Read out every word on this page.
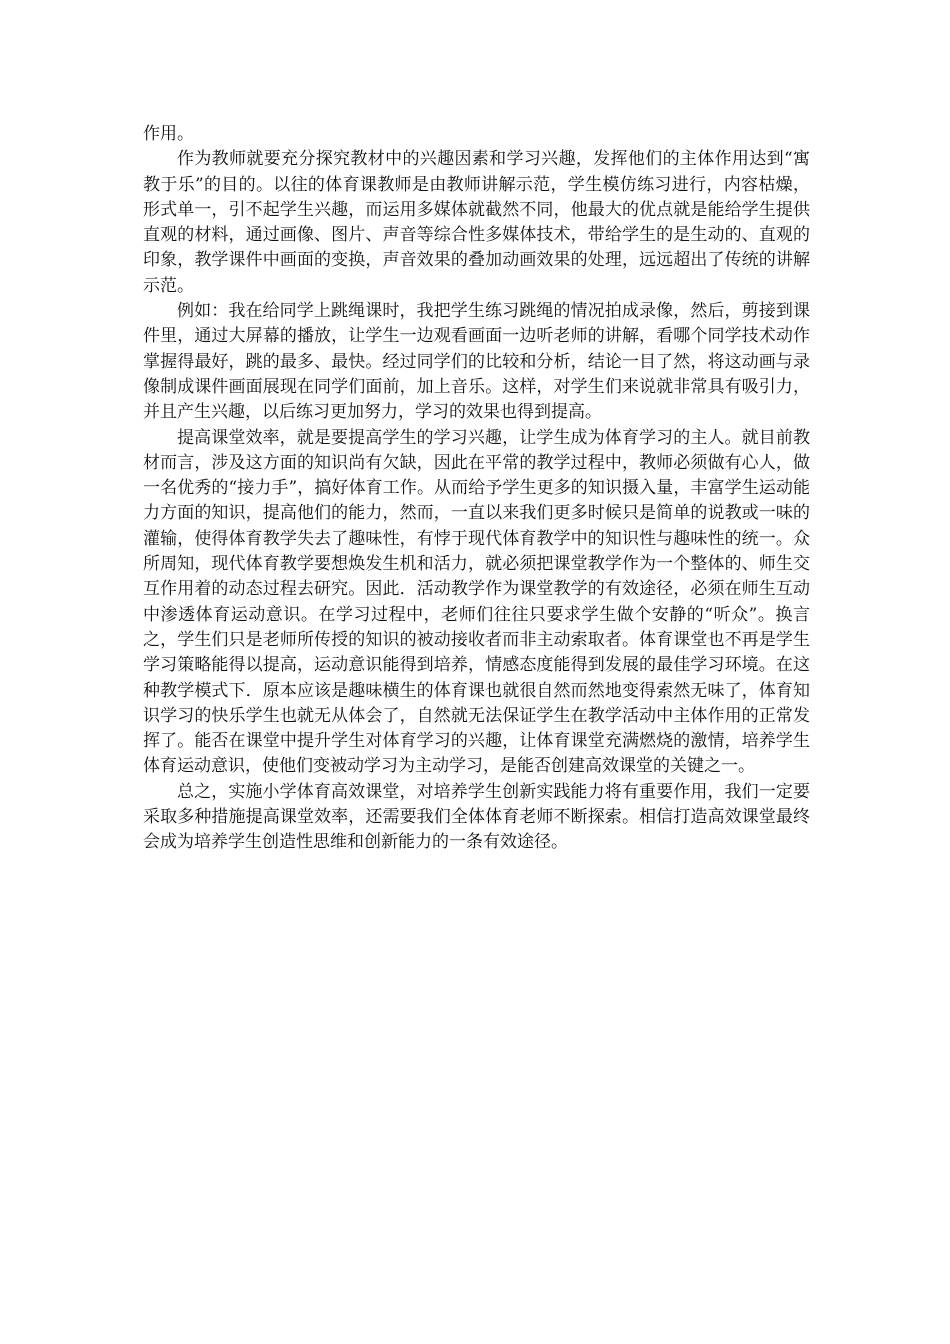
作用。

作为教师就要充分探究教材中的兴趣因素和学习兴趣，发挥他们的主体作用达到“寓教于乐”的目的。以往的体育课教师是由教师讲解示范，学生模仿练习进行，内容枯燥，形式单一，引不起学生兴趣，而运用多媒体就截然不同，他最大的优点就是能给学生提供直观的材料，通过画像、图片、声音等综合性多媒体技术，带给学生的是生动的、直观的印象，教学课件中画面的变换，声音效果的叠加动画效果的处理，远远超出了传统的讲解示范。

例如：我在给同学上跳绳课时，我把学生练习跳绳的情况拍成录像，然后，剪接到课件里，通过大屏幕的播放，让学生一边观看画面一边听老师的讲解，看哪个同学技术动作掌握得最好，跳的最多、最快。经过同学们的比较和分析，结论一目了然，将这动画与录像制成课件画面展现在同学们面前，加上音乐。这样，对学生们来说就非常具有吸引力，并且产生兴趣，以后练习更加努力，学习的效果也得到提高。

提高课堂效率，就是要提高学生的学习兴趣，让学生成为体育学习的主人。就目前教材而言，涉及这方面的知识尚有欠缺，因此在平常的教学过程中，教师必须做有心人，做一名优秀的“接力手”，搞好体育工作。从而给予学生更多的知识摄入量，丰富学生运动能力方面的知识，提高他们的能力，然而，一直以来我们更多时候只是简单的说教或一味的灌输，使得体育教学失去了趣味性，有悖于现代体育教学中的知识性与趣味性的统一。众所周知，现代体育教学要想焕发生机和活力，就必须把课堂教学作为一个整体的、师生交互作用着的动态过程去研究。因此．活动教学作为课堂教学的有效途径，必须在师生互动中渗透体育运动意识。在学习过程中，老师们往往只要求学生做个安静的“听众”。换言之，学生们只是老师所传授的知识的被动接收者而非主动索取者。体育课堂也不再是学生学习策略能得以提高，运动意识能得到培养，情感态度能得到发展的最佳学习环境。在这种教学模式下．原本应该是趣味横生的体育课也就很自然而然地变得索然无味了，体育知识学习的快乐学生也就无从体会了，自然就无法保证学生在教学活动中主体作用的正常发挥了。能否在课堂中提升学生对体育学习的兴趣，让体育课堂充满燃烧的激情，培养学生体育运动意识，使他们变被动学习为主动学习，是能否创建高效课堂的关键之一。

总之，实施小学体育高效课堂，对培养学生创新实践能力将有重要作用，我们一定要采取多种措施提高课堂效率，还需要我们全体体育老师不断探索。相信打造高效课堂最终会成为培养学生创造性思维和创新能力的一条有效途径。
